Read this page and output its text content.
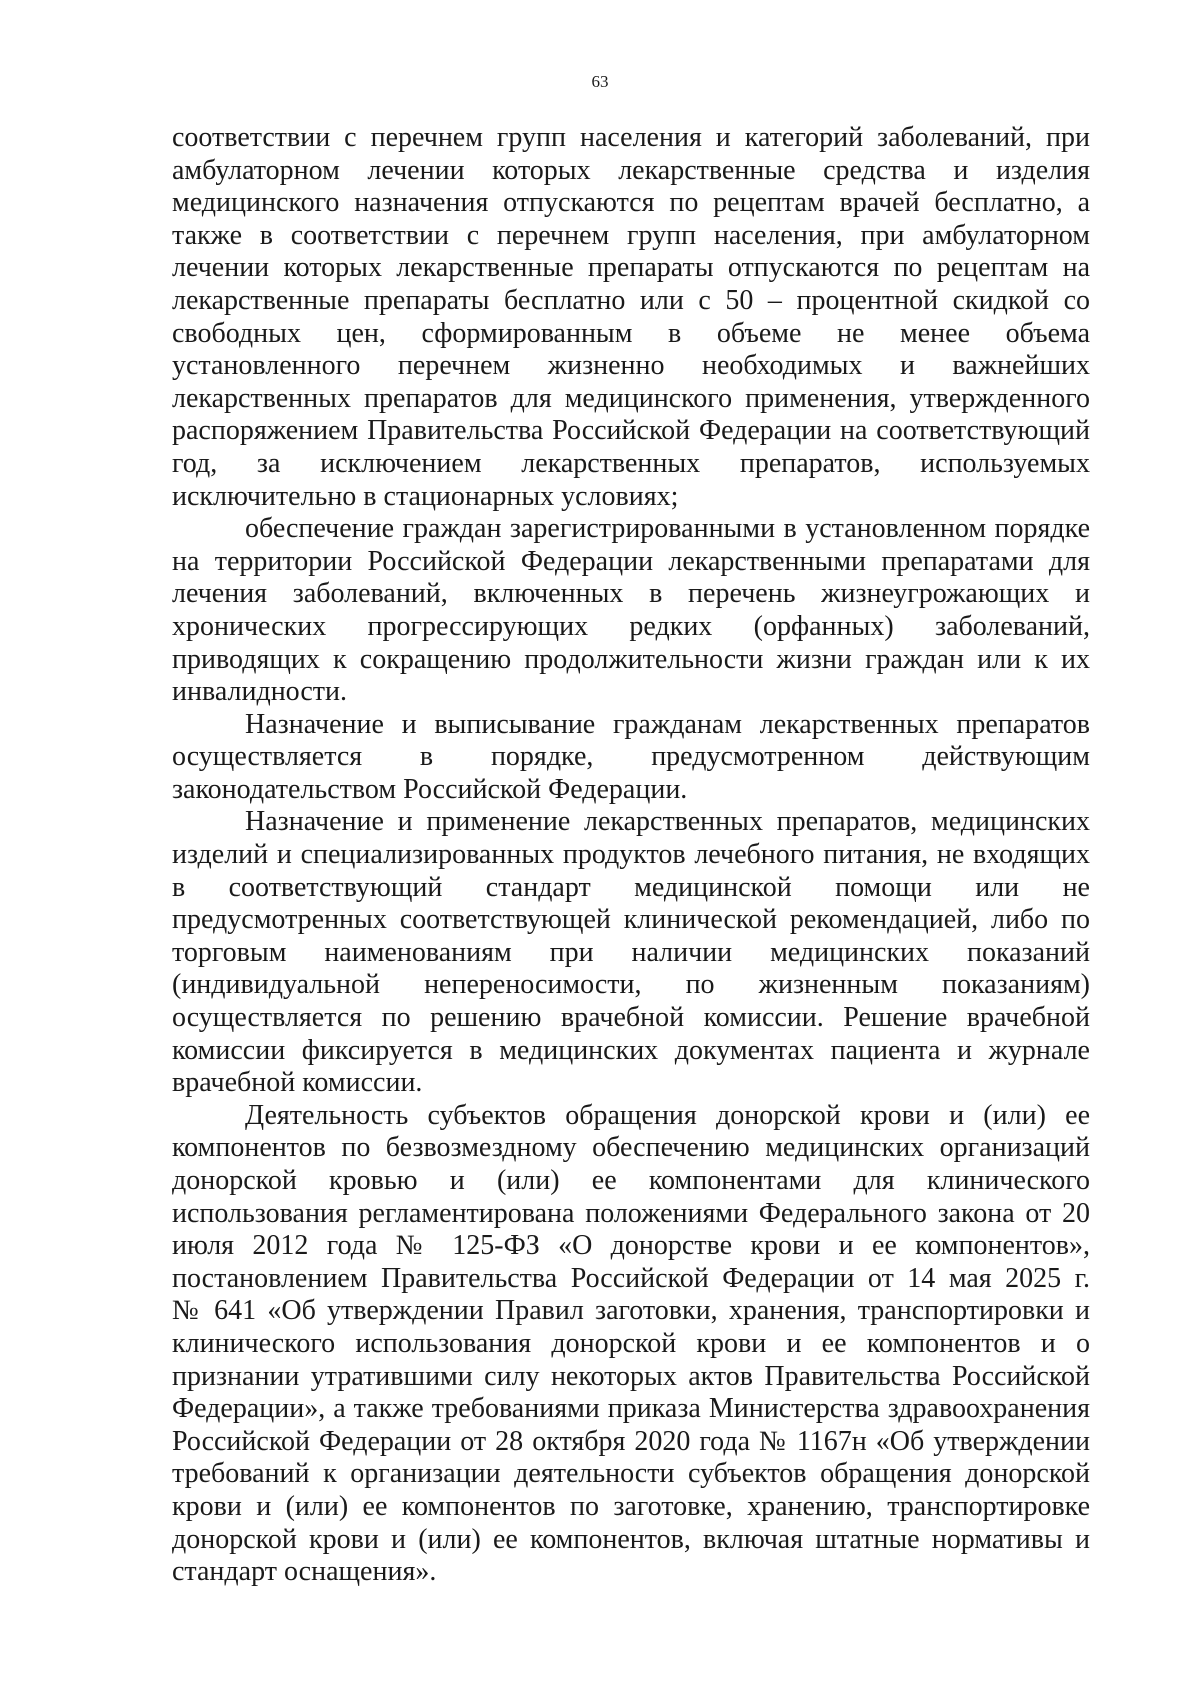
63

соответствии с перечнем групп населения и категорий заболеваний, при
амбулаторном лечении которых лекарственные средства и изделия
медицинского назначения отпускаются по рецептам врачей бесплатно, а
также в соответствии с перечнем групп населения, при амбулаторном
лечении которых лекарственные препараты отпускаются по рецептам на
лекарственные препараты бесплатно или с 50 – процентной скидкой со
свободных цен, сформированным в объеме не менее объема
установленного перечнем жизненно необходимых и важнейших
лекарственных препаратов для медицинского применения, утвержденного
распоряжением Правительства Российской Федерации на соответствующий
год, за исключением лекарственных препаратов, используемых
исключительно в стационарных условиях;

обеспечение граждан зарегистрированными в установленном порядке
на территории Российской Федерации лекарственными препаратами для
лечения заболеваний, включенных в перечень жизнеугрожающих и
хронических прогрессирующих редких (орфанных) заболеваний,
приводящих к сокращению продолжительности жизни граждан или к их
инвалидности.

Назначение и выписывание гражданам лекарственных препаратов
осуществляется в порядке, предусмотренном действующим
законодательством Российской Федерации.

Назначение и применение лекарственных препаратов, медицинских
изделий и специализированных продуктов лечебного питания, не входящих
в соответствующий стандарт медицинской помощи или не
предусмотренных соответствующей клинической рекомендацией, либо по
торговым наименованиям при наличии медицинских показаний
(индивидуальной непереносимости, по жизненным показаниям)
осуществляется по решению врачебной комиссии. Решение врачебной
комиссии фиксируется в медицинских документах пациента и журнале
врачебной комиссии.

Деятельность субъектов обращения донорской крови и (или) ее
компонентов по безвозмездному обеспечению медицинских организаций
донорской кровью и (или) ее компонентами для клинического
использования регламентирована положениями Федерального закона от 20
июля 2012 года № 125-ФЗ «О донорстве крови и ее компонентов»,
постановлением Правительства Российской Федерации от 14 мая 2025 г.
№ 641 «Об утверждении Правил заготовки, хранения, транспортировки и
клинического использования донорской крови и ее компонентов и о
признании утратившими силу некоторых актов Правительства Российской
Федерации», а также требованиями приказа Министерства здравоохранения
Российской Федерации от 28 октября 2020 года № 1167н «Об утверждении
требований к организации деятельности субъектов обращения донорской
крови и (или) ее компонентов по заготовке, хранению, транспортировке
донорской крови и (или) ее компонентов, включая штатные нормативы и
стандарт оснащения».
